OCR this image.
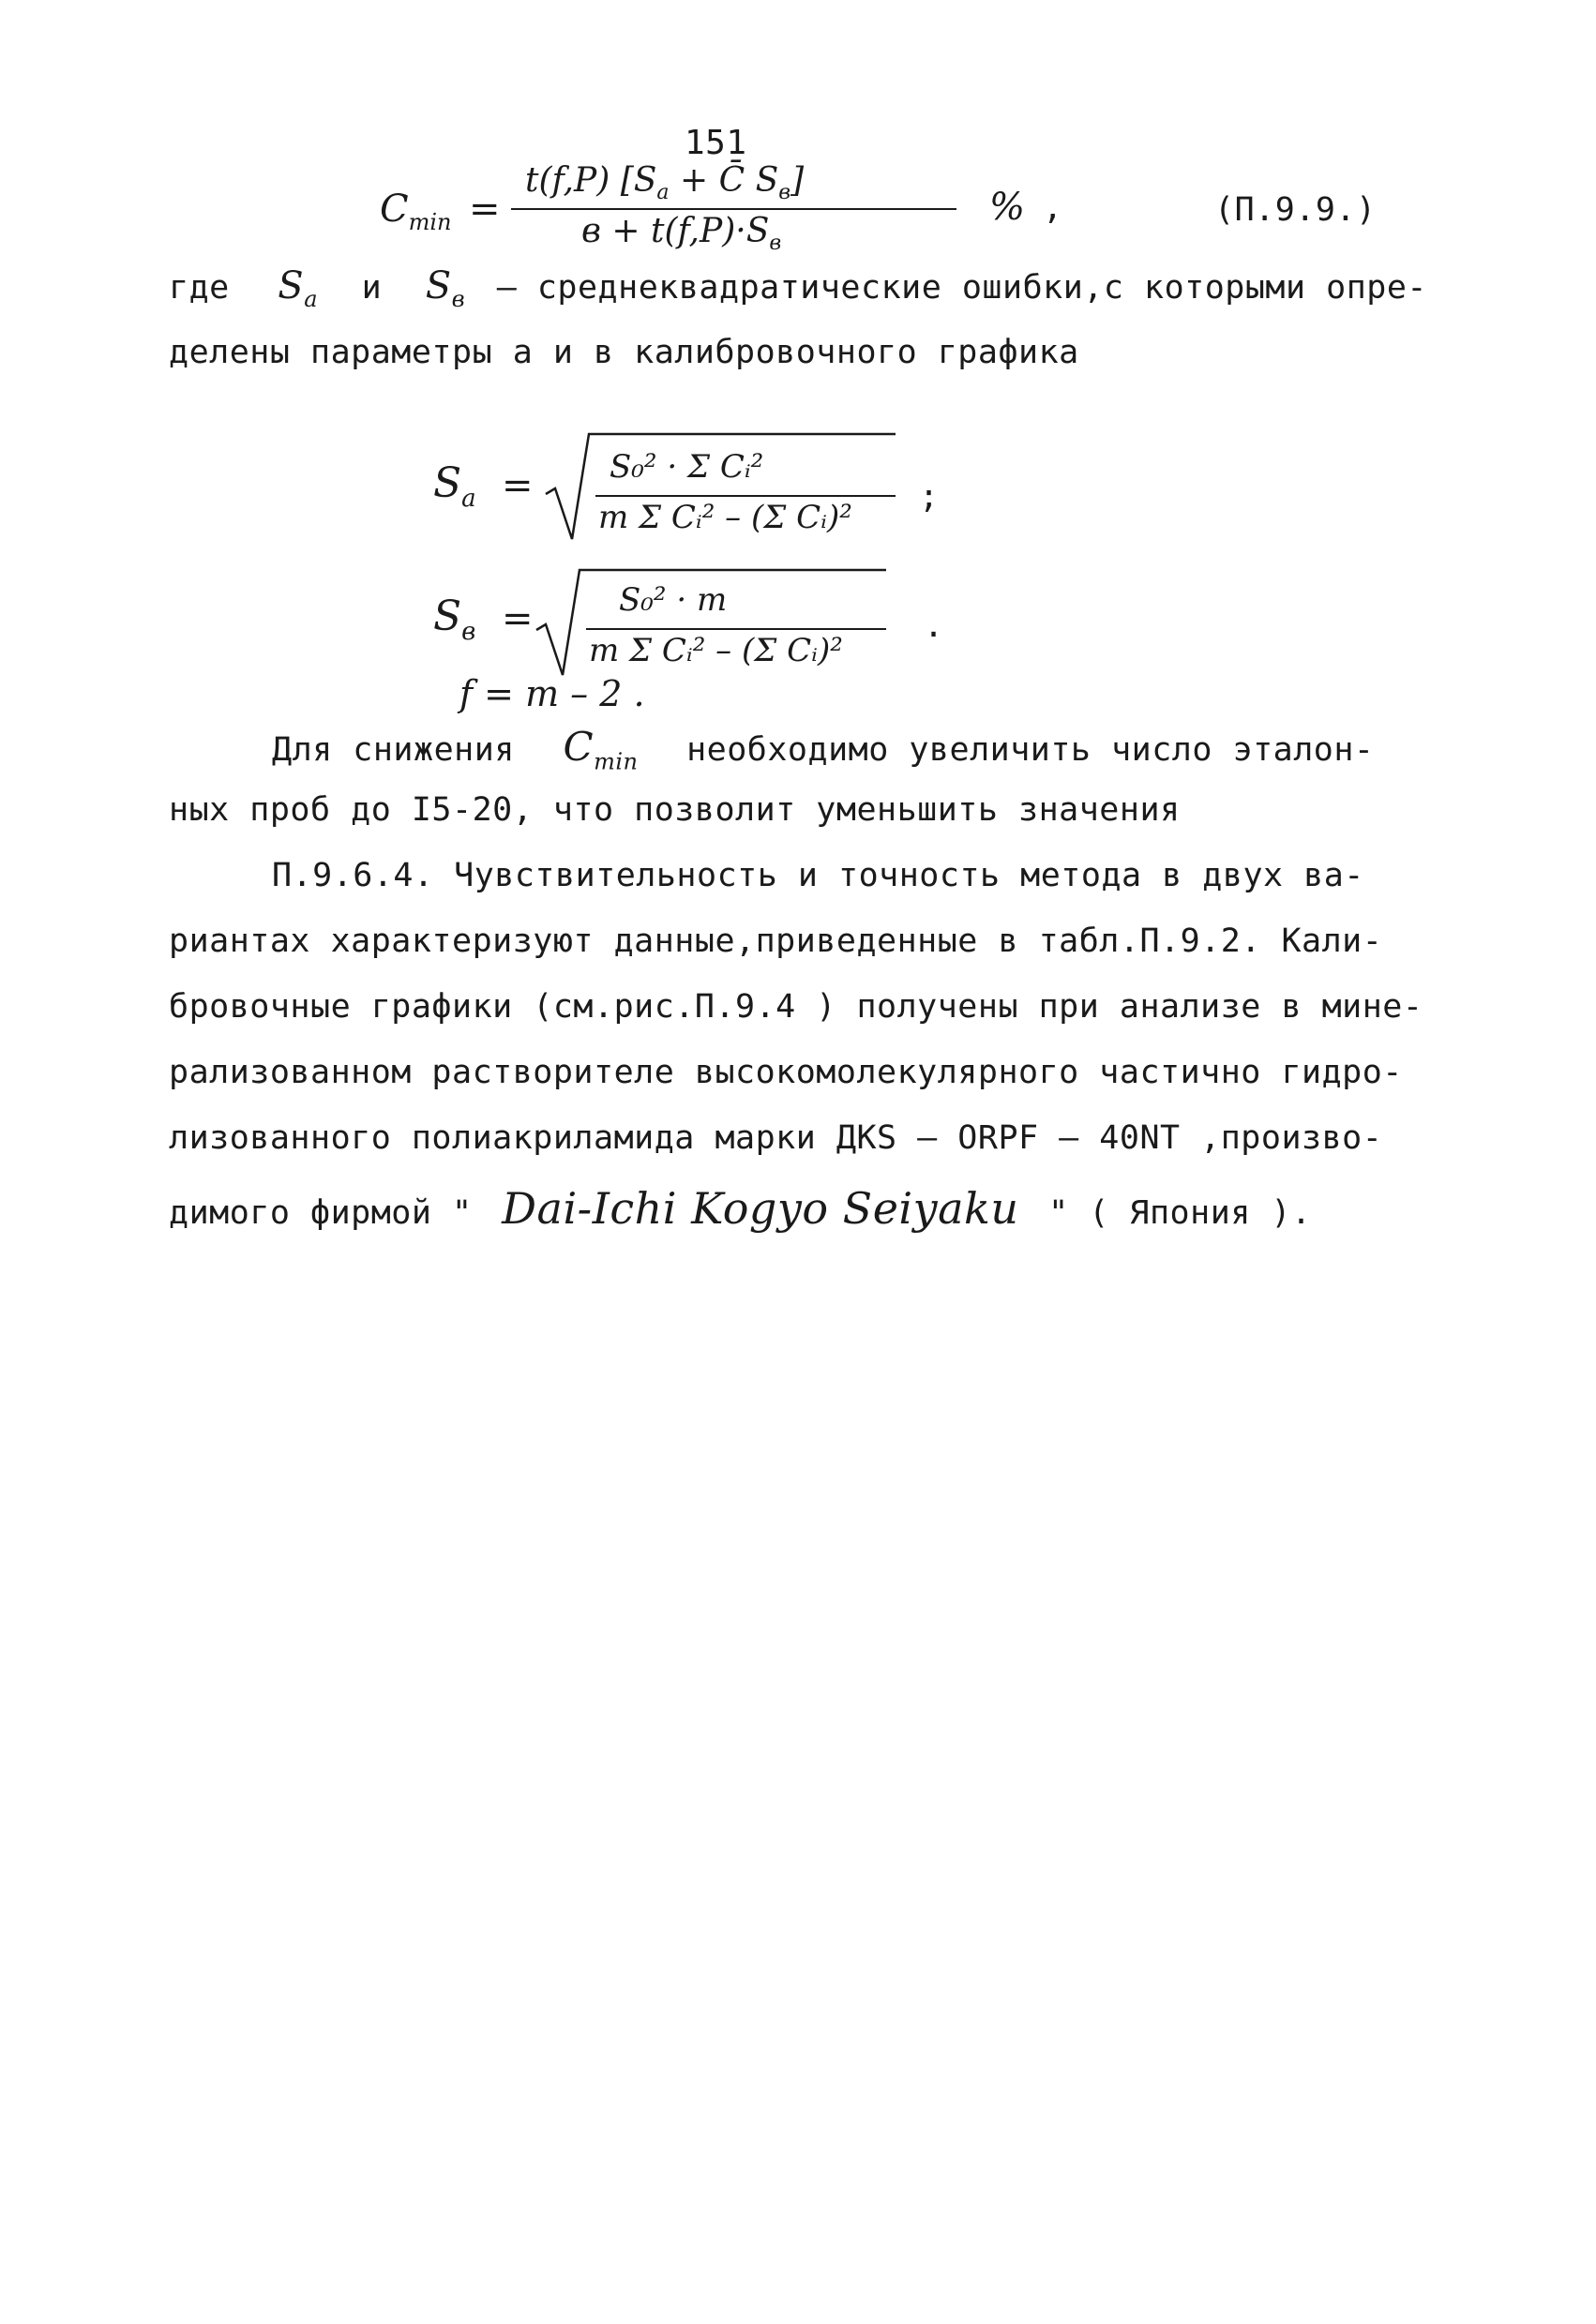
151
$C_{min}$ =
t(f,P) [$S_a$ + C̄ $S_в$]
$в + t(f,P)\cdot S_в$
% ,	(П.9.9.)
где $S_a$ и $S_в$ – среднеквадратические ошибки,с которыми опре-
делены параметры а и в калибровочного графика
$S_a = S_0^2 \cdot \Sigma$ Cᵢ²
m Σ Cᵢ² – (Σ Cᵢ)²
;
$S_в$ =	S₀² · m
m Σ Cᵢ² – (Σ Cᵢ)²
.
f = m – 2 .
Для снижения $C_{min}$ необходимо увеличить число эталон-
ных проб до I5-20, что позволит уменьшить значения
П.9.6.4. Чувствительность и точность метода в двух ва-
риантах характеризуют данные,приведенные в табл.П.9.2. Кали-
бровочные графики (см.рис.П.9.4 ) получены при анализе в мине-
рализованном растворителе высокомолекулярного частично гидро-
лизованного полиакриламида марки ДКS – ORPF – 40NT ,произво-
димого фирмой " Dai-Ichi Kogyo Seiyaku " ( Япония ).
